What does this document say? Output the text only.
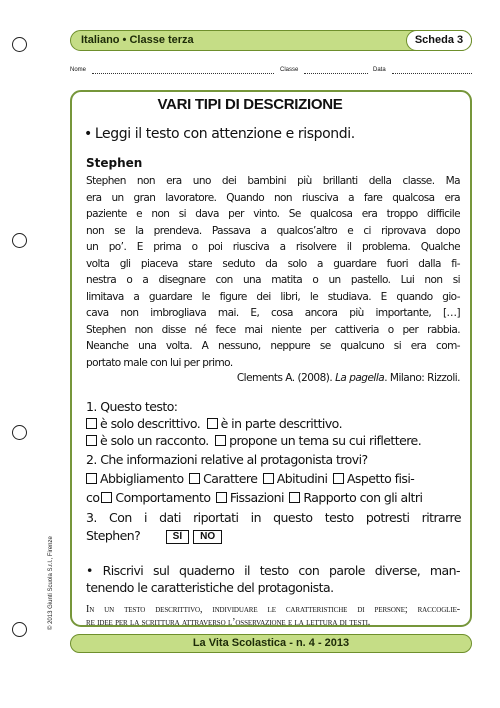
Italiano • Classe terza	Scheda 3
Nome	Classe	Data
VARI TIPI DI DESCRIZIONE
• Leggi il testo con attenzione e rispondi.
Stephen
Stephen non era uno dei bambini più brillanti della classe. Ma
era un gran lavoratore. Quando non riusciva a fare qualcosa era
paziente e non si dava per vinto. Se qualcosa era troppo difficile
non se la prendeva. Passava a qualcos’altro e ci riprovava dopo
un po’. E prima o poi riusciva a risolvere il problema. Qualche
volta gli piaceva stare seduto da solo a guardare fuori dalla fi-
nestra o a disegnare con una matita o un pastello. Lui non si
limitava a guardare le figure dei libri, le studiava. E quando gio-
cava non imbrogliava mai. E, cosa ancora più importante, […]
Stephen non disse né fece mai niente per cattiveria o per rabbia.
Neanche una volta. A nessuno, neppure se qualcuno si era com-
portato male con lui per primo.
Clements A. (2008). La pagella. Milano: Rizzoli.
1. Questo testo:
è solo descrittivo. è in parte descrittivo.
è solo un racconto. propone un tema su cui riflettere.
2. Che informazioni relative al protagonista trovi?
Abbigliamento Carattere Abitudini Aspetto fisi-
co Comportamento Fissazioni Rapporto con gli altri
3. Con i dati riportati in questo testo potresti ritrarre
Stephen?	SÌ NO
• Riscrivi sul quaderno il testo con parole diverse, man-
tenendo le caratteristiche del protagonista.
In un testo descrittivo, individuare le caratteristiche di persone; raccoglie-
re idee per la scrittura attraverso l’osservazione e la lettura di testi.
© 2013 Giunti Scuola S.r.l., Firenze
La Vita Scolastica - n. 4 - 2013
